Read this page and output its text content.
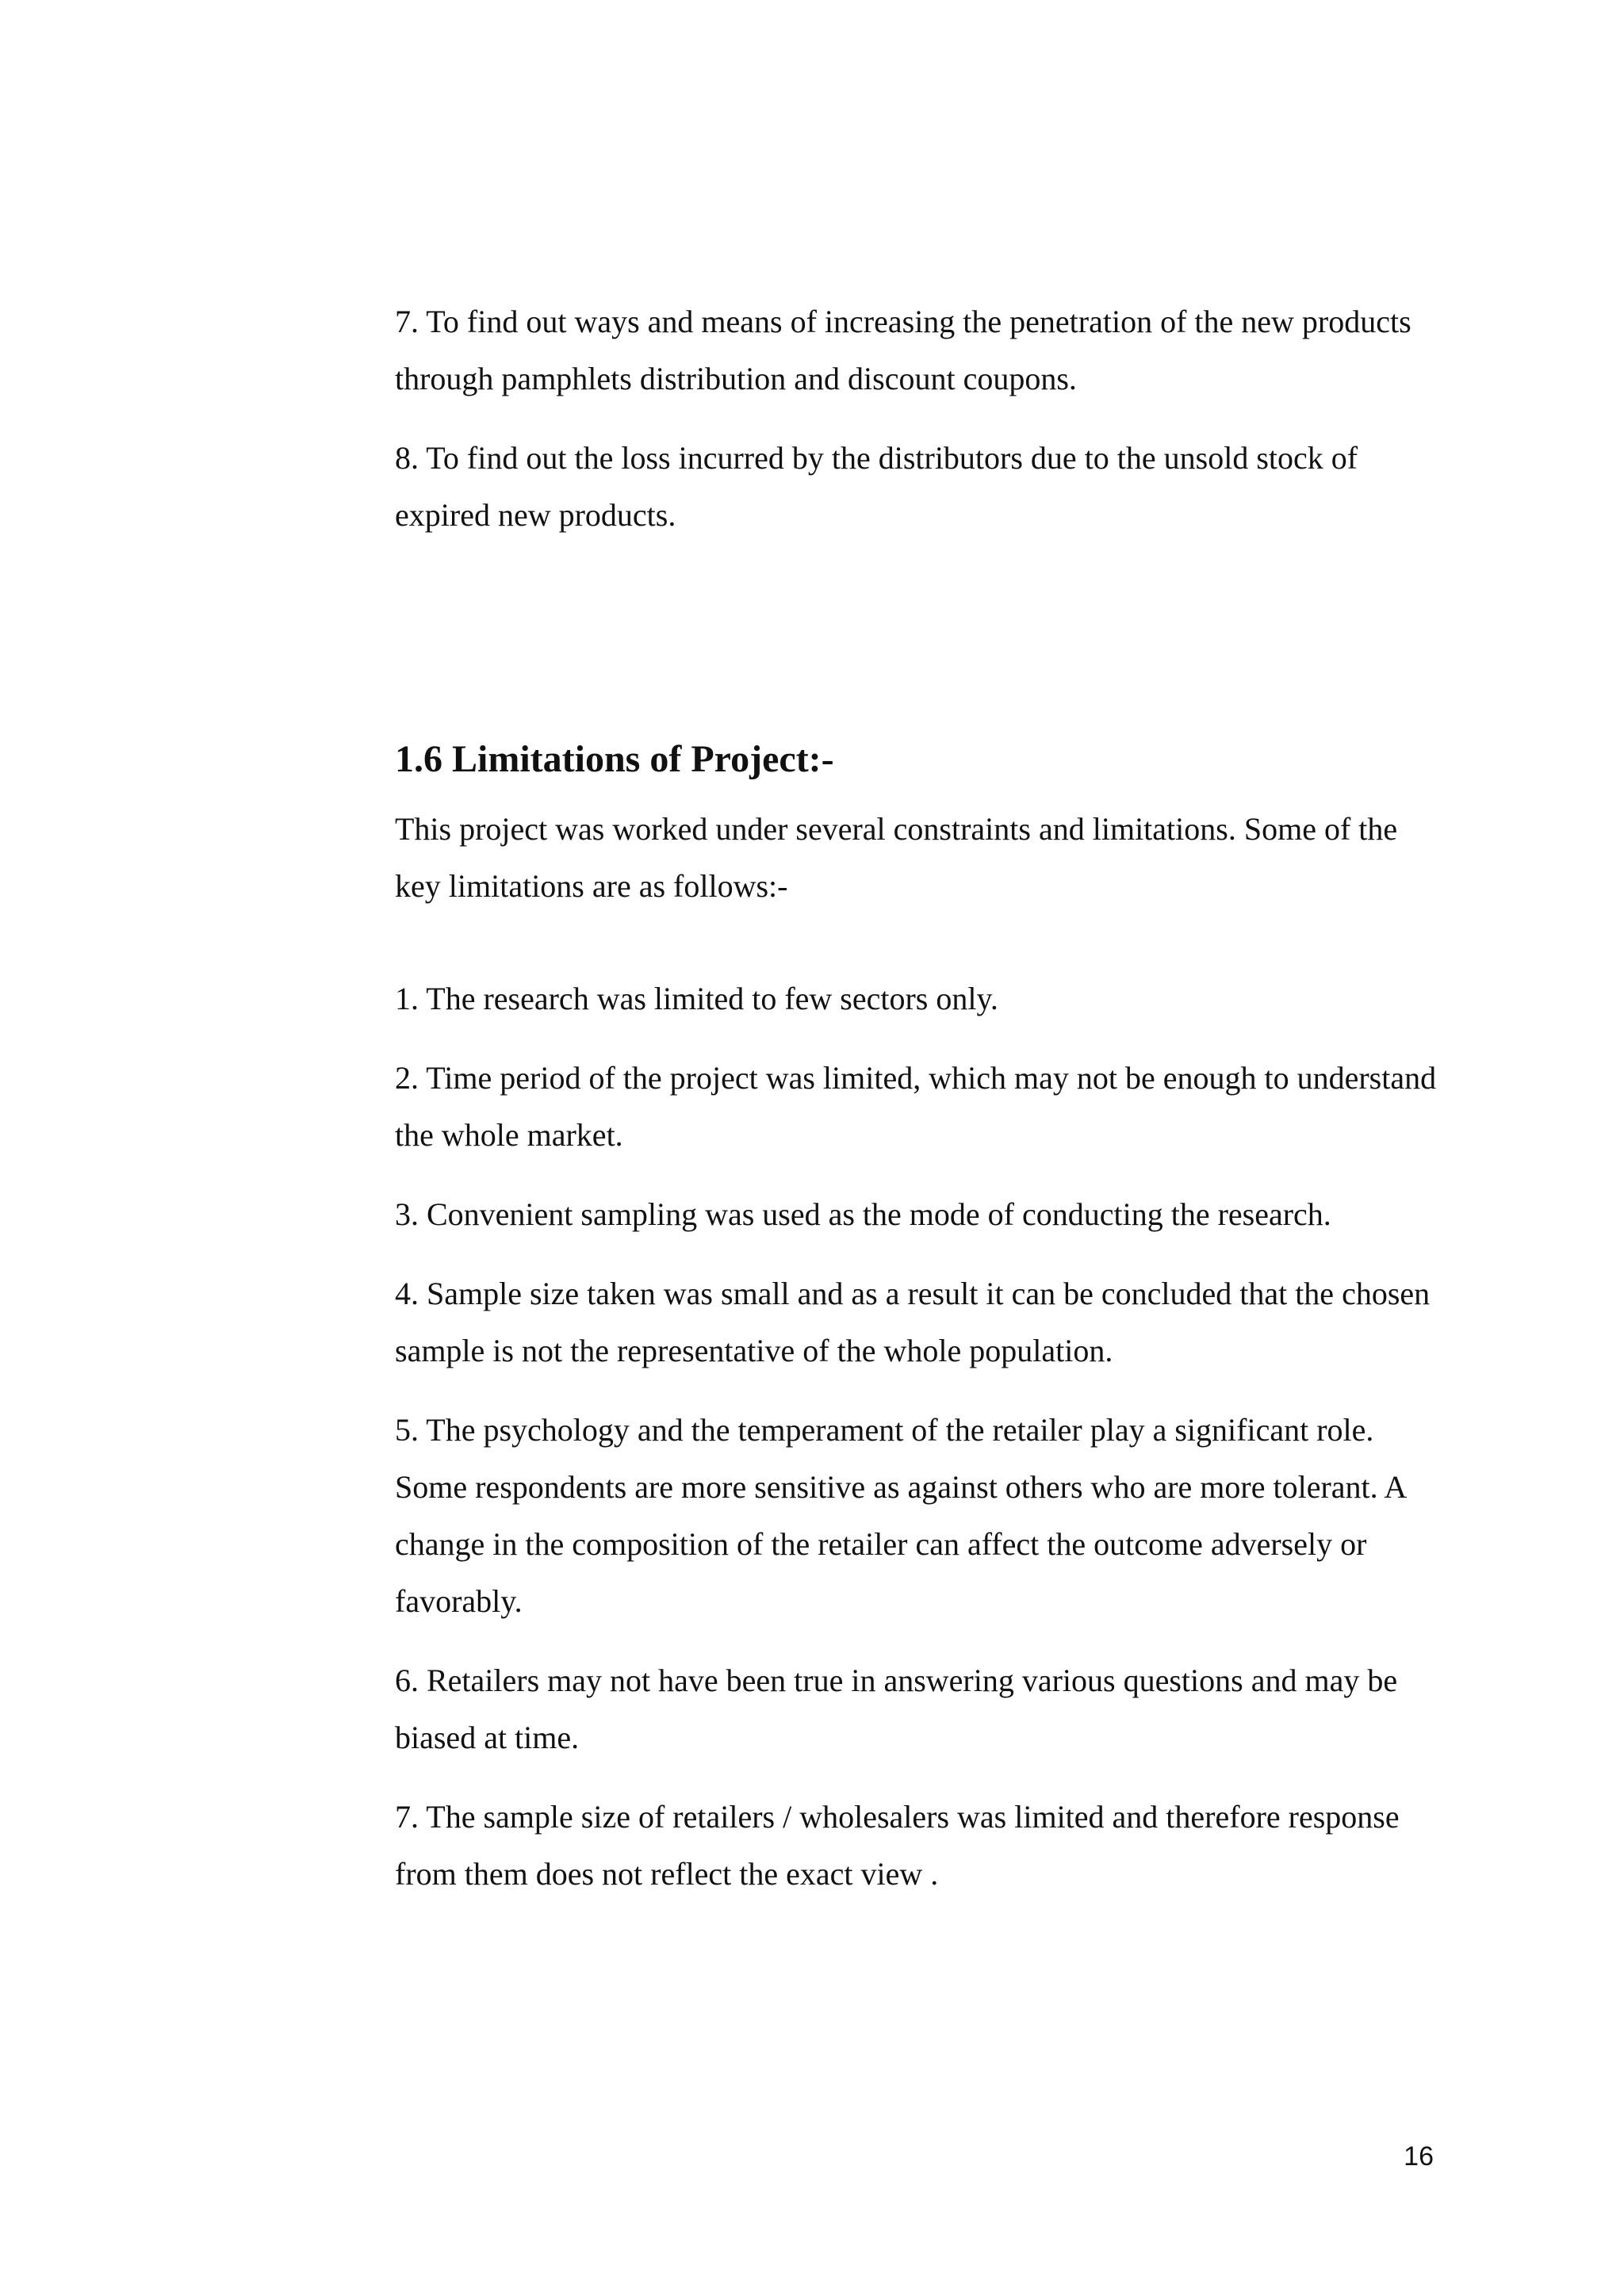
7. To find out ways and means of increasing the penetration of the new products through pamphlets distribution and discount coupons.

8. To find out the loss incurred by the distributors due to the unsold stock of expired new products.

1.6 Limitations of Project:-

This project was worked under several constraints and limitations. Some of the key limitations are as follows:-

1. The research was limited to few sectors only.

2. Time period of the project was limited, which may not be enough to understand the whole market.

3. Convenient sampling was used as the mode of conducting the research.

4. Sample size taken was small and as a result it can be concluded that the chosen sample is not the representative of the whole population.

5. The psychology and the temperament of the retailer play a significant role. Some respondents are more sensitive as against others who are more tolerant. A change in the composition of the retailer can affect the outcome adversely or favorably.

6. Retailers may not have been true in answering various questions and may be biased at time.

7. The sample size of retailers / wholesalers was limited and therefore response from them does not reflect the exact view .

16
